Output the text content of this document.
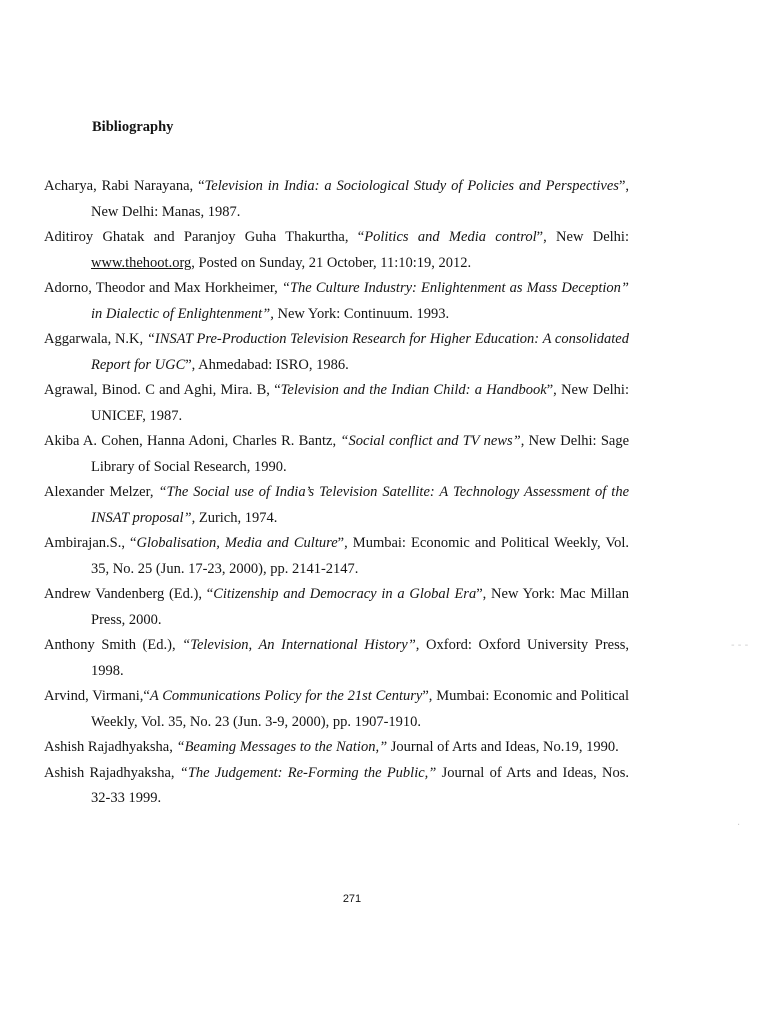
Bibliography
Acharya, Rabi Narayana, “Television in India: a Sociological Study of Policies and Perspectives”, New Delhi: Manas, 1987.
Aditiroy Ghatak and Paranjoy Guha Thakurtha, “Politics and Media control”, New Delhi: www.thehoot.org, Posted on Sunday, 21 October, 11:10:19, 2012.
Adorno, Theodor and Max Horkheimer, “The Culture Industry: Enlightenment as Mass Deception” in Dialectic of Enlightenment”, New York: Continuum. 1993.
Aggarwala, N.K, “INSAT Pre-Production Television Research for Higher Education: A consolidated Report for UGC”, Ahmedabad: ISRO, 1986.
Agrawal, Binod. C and Aghi, Mira. B, “Television and the Indian Child: a Handbook”, New Delhi: UNICEF, 1987.
Akiba A. Cohen, Hanna Adoni, Charles R. Bantz, “Social conflict and TV news”, New Delhi: Sage Library of Social Research, 1990.
Alexander Melzer, “The Social use of India’s Television Satellite: A Technology Assessment of the INSAT proposal”, Zurich, 1974.
Ambirajan.S., “Globalisation, Media and Culture”, Mumbai: Economic and Political Weekly, Vol. 35, No. 25 (Jun. 17-23, 2000), pp. 2141-2147.
Andrew Vandenberg (Ed.), “Citizenship and Democracy in a Global Era”, New York: Mac Millan Press, 2000.
Anthony Smith (Ed.), “Television, An International History”, Oxford: Oxford University Press, 1998.
Arvind, Virmani,“A Communications Policy for the 21st Century”, Mumbai: Economic and Political Weekly, Vol. 35, No. 23 (Jun. 3-9, 2000), pp. 1907-1910.
Ashish Rajadhyaksha, “Beaming Messages to the Nation,” Journal of Arts and Ideas, No.19, 1990.
Ashish Rajadhyaksha, “The Judgement: Re-Forming the Public,” Journal of Arts and Ideas, Nos. 32-33 1999.
271
- - -
·
